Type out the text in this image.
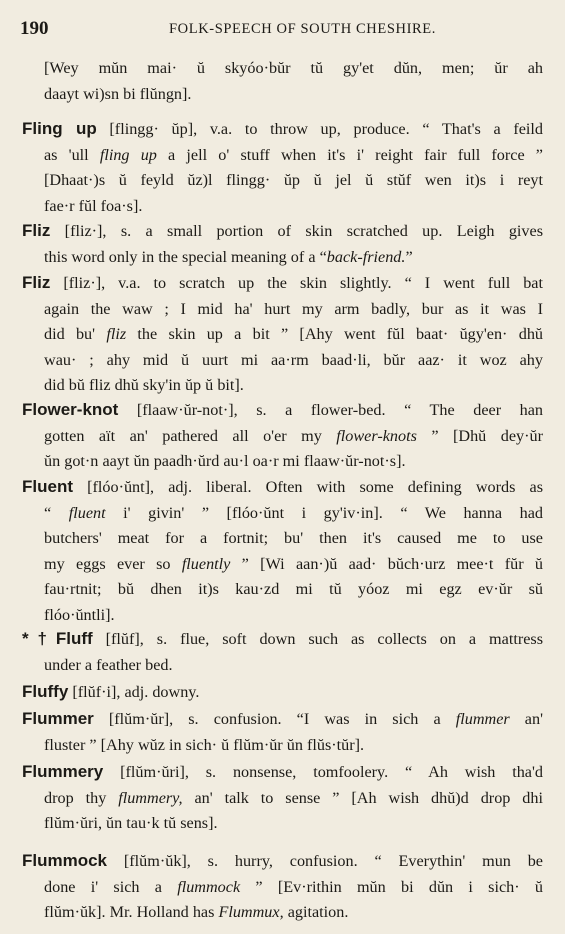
190	FOLK-SPEECH OF SOUTH CHESHIRE.
[Wey mŭn mai· ŭ skyóo·bŭr tŭ gy'et dŭn, men; ŭr ah
daayt wi)sn bi flŭngn].
Fling up [flingg· ŭp], v.a. to throw up, produce. “ That's a feild
as 'ull fling up a jell o' stuff when it's i' reight fair full force ”
[Dhaat·)s ŭ feyld ŭz)l flingg· ŭp ŭ jel ŭ stŭf wen it)s i reyt
fae·r fŭl foa·s].
Fliz [fliz·], s. a small portion of skin scratched up. Leigh gives
this word only in the special meaning of a “back-friend.”
Fliz [fliz·], v.a. to scratch up the skin slightly. “ I went full bat
again the waw ; I mid ha' hurt my arm badly, bur as it was I
did bu' fliz the skin up a bit ” [Ahy went fŭl baat· ŭgy'en· dhŭ
wau· ; ahy mid ŭ uurt mi aa·rm baad·li, bŭr aaz· it woz ahy
did bŭ fliz dhŭ sky'in ŭp ŭ bit].
Flower-knot [flaaw·ŭr-not·], s. a flower-bed. “ The deer han
gotten aït an' pathered all o'er my flower-knots ” [Dhŭ dey·ŭr
ŭn got·n aayt ŭn paadh·ŭrd au·l oa·r mi flaaw·ŭr-not·s].
Fluent [flóo·ŭnt], adj. liberal. Often with some defining words as
“ fluent i' givin' ” [flóo·ŭnt i gy'iv·in]. “ We hanna had
butchers' meat for a fortnit; bu' then it's caused me to use
my eggs ever so fluently ” [Wi aan·)ŭ aad· bŭch·urz mee·t fŭr ŭ
fau·rtnit; bŭ dhen it)s kau·zd mi tŭ yóoz mi egz ev·ŭr sŭ
flóo·ŭntli].
*†Fluff [flŭf], s. flue, soft down such as collects on a mattress
under a feather bed.
Fluffy [flŭf·i], adj. downy.
Flummer [flŭm·ŭr], s. confusion. “I was in sich a flummer an'
fluster ” [Ahy wŭz in sich· ŭ flŭm·ŭr ŭn flŭs·tŭr].
Flummery [flŭm·ŭri], s. nonsense, tomfoolery. “ Ah wish tha'd
drop thy flummery, an' talk to sense ” [Ah wish dhŭ)d drop dhi
flŭm·ŭri, ŭn tau·k tŭ sens].
Flummock [flŭm·ŭk], s. hurry, confusion. “ Everythin' mun be
done i' sich a flummock ” [Ev·rithin mŭn bi dŭn i sich· ŭ
flŭm·ŭk]. Mr. Holland has Flummux, agitation.
